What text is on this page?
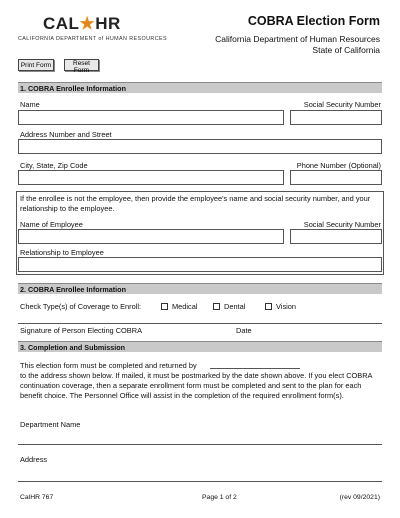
CAL★HR
CALIFORNIA DEPARTMENT of HUMAN RESOURCES
COBRA Election Form
California Department of Human Resources
State of California
Print Form	Reset Form
1. COBRA Enrollee Information
Name	Social Security Number
Address Number and Street
City, State, Zip Code	Phone Number (Optional)
If the enrollee is not the employee, then provide the employee's name and social security number, and your relationship to the employee.
Name of Employee	Social Security Number
Relationship to Employee
2. COBRA Enrollee Information
Check Type(s) of Coverage to Enroll:	Medical	Dental	Vision
Signature of Person Electing COBRA	Date
3. Completion and Submission
This election form must be completed and returned by
to the address shown below. If mailed, it must be postmarked by the date shown above. If you elect COBRA continuation coverage, then a separate enrollment form must be completed and sent to the plan for each benefit choice. The Personnel Office will assist in the completion of the required enrollment form(s).
Department Name
Address
CalHR 767	Page 1 of 2	(rev 09/2021)
